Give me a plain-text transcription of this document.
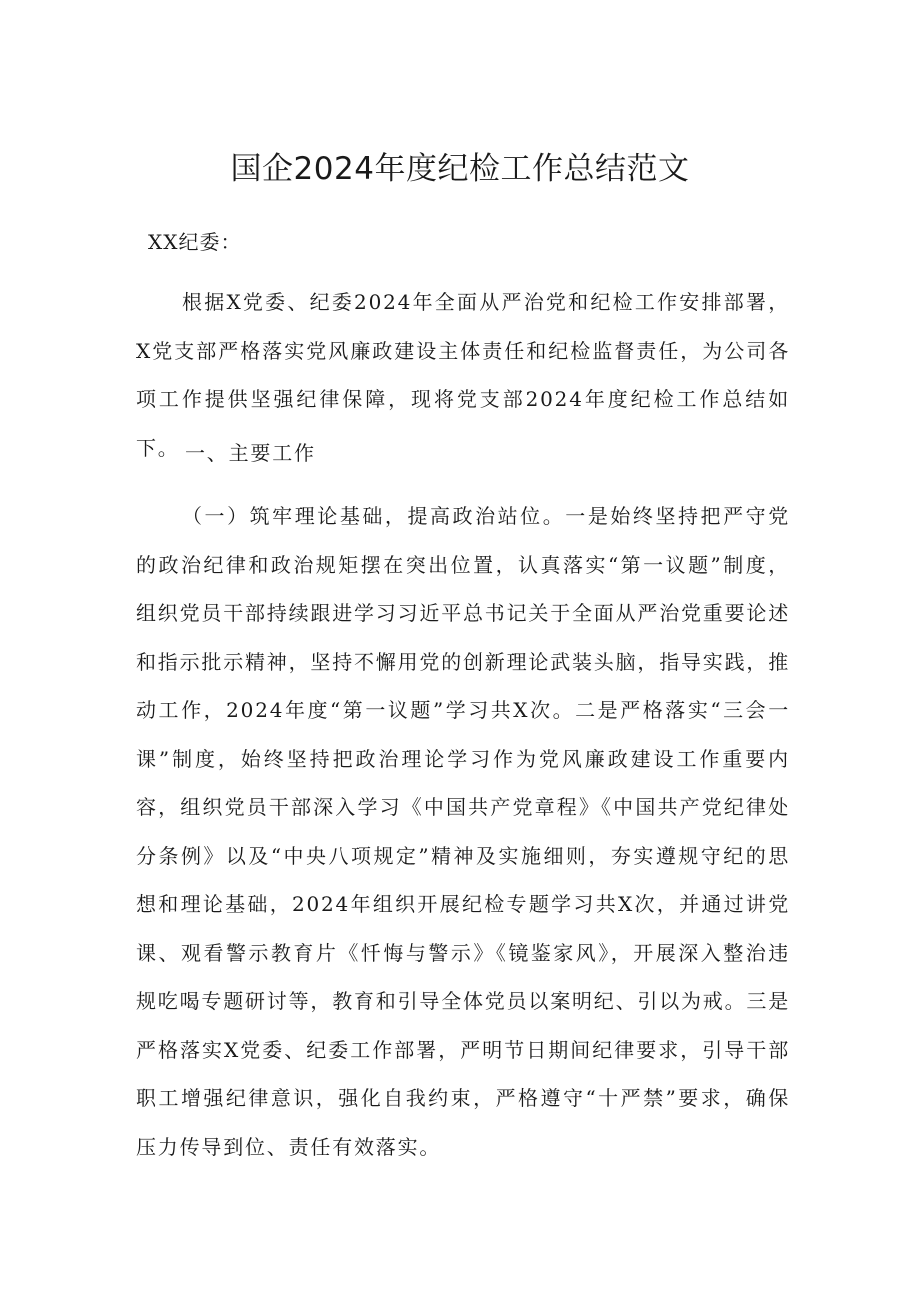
国企2024年度纪检工作总结范文
XX纪委：

根据X党委、纪委2024年全面从严治党和纪检工作安排部署，X党支部严格落实党风廉政建设主体责任和纪检监督责任，为公司各项工作提供坚强纪律保障，现将党支部2024年度纪检工作总结如下。 一、主要工作

（一）筑牢理论基础，提高政治站位。一是始终坚持把严守党的政治纪律和政治规矩摆在突出位置，认真落实“第一议题”制度，组织党员干部持续跟进学习习近平总书记关于全面从严治党重要论述和指示批示精神，坚持不懈用党的创新理论武装头脑，指导实践，推动工作，2024年度“第一议题”学习共X次。二是严格落实“三会一课”制度，始终坚持把政治理论学习作为党风廉政建设工作重要内容，组织党员干部深入学习《中国共产党章程》《中国共产党纪律处分条例》以及“中央八项规定”精神及实施细则，夯实遵规守纪的思想和理论基础，2024年组织开展纪检专题学习共X次，并通过讲党课、观看警示教育片《忏悔与警示》《镜鉴家风》，开展深入整治违规吃喝专题研讨等，教育和引导全体党员以案明纪、引以为戒。三是严格落实X党委、纪委工作部署，严明节日期间纪律要求，引导干部职工增强纪律意识，强化自我约束，严格遵守“十严禁”要求，确保压力传导到位、责任有效落实。
